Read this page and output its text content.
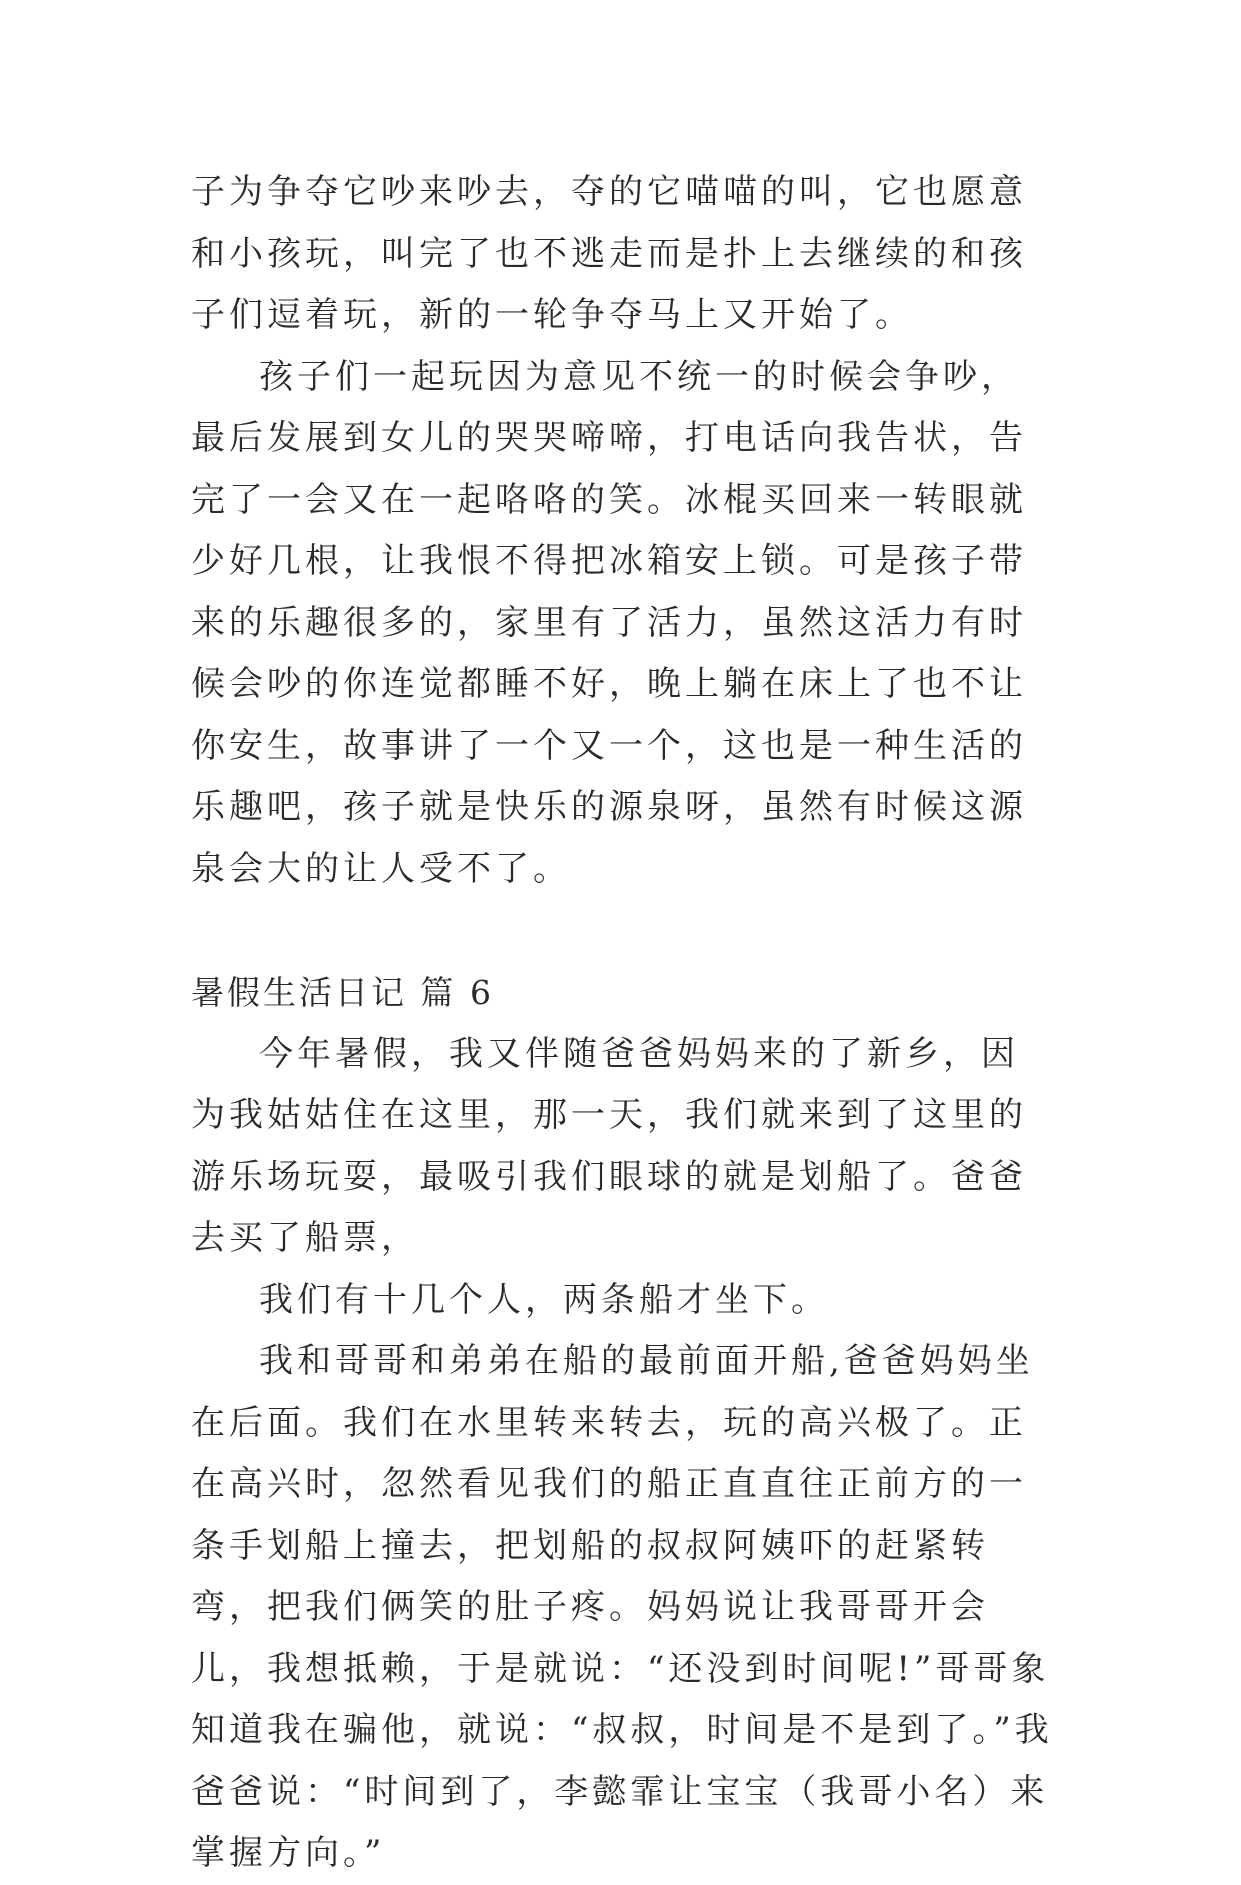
子为争夺它吵来吵去，夺的它喵喵的叫，它也愿意和小孩玩，叫完了也不逃走而是扑上去继续的和孩子们逗着玩，新的一轮争夺马上又开始了。

孩子们一起玩因为意见不统一的时候会争吵，最后发展到女儿的哭哭啼啼，打电话向我告状，告完了一会又在一起咯咯的笑。冰棍买回来一转眼就少好几根，让我恨不得把冰箱安上锁。可是孩子带来的乐趣很多的，家里有了活力，虽然这活力有时候会吵的你连觉都睡不好，晚上躺在床上了也不让你安生，故事讲了一个又一个，这也是一种生活的乐趣吧，孩子就是快乐的源泉呀，虽然有时候这源泉会大的让人受不了。

暑假生活日记 篇 6

今年暑假，我又伴随爸爸妈妈来的了新乡，因为我姑姑住在这里，那一天，我们就来到了这里的游乐场玩耍，最吸引我们眼球的就是划船了。爸爸去买了船票，

我们有十几个人，两条船才坐下。

我和哥哥和弟弟在船的最前面开船,爸爸妈妈坐在后面。我们在水里转来转去，玩的高兴极了。正在高兴时，忽然看见我们的船正直直往正前方的一条手划船上撞去，把划船的叔叔阿姨吓的赶紧转弯，把我们俩笑的肚子疼。妈妈说让我哥哥开会儿，我想抵赖，于是就说：“还没到时间呢!”哥哥象知道我在骗他，就说：“叔叔，时间是不是到了。”我爸爸说：“时间到了，李懿霏让宝宝（我哥小名）来掌握方向。”
